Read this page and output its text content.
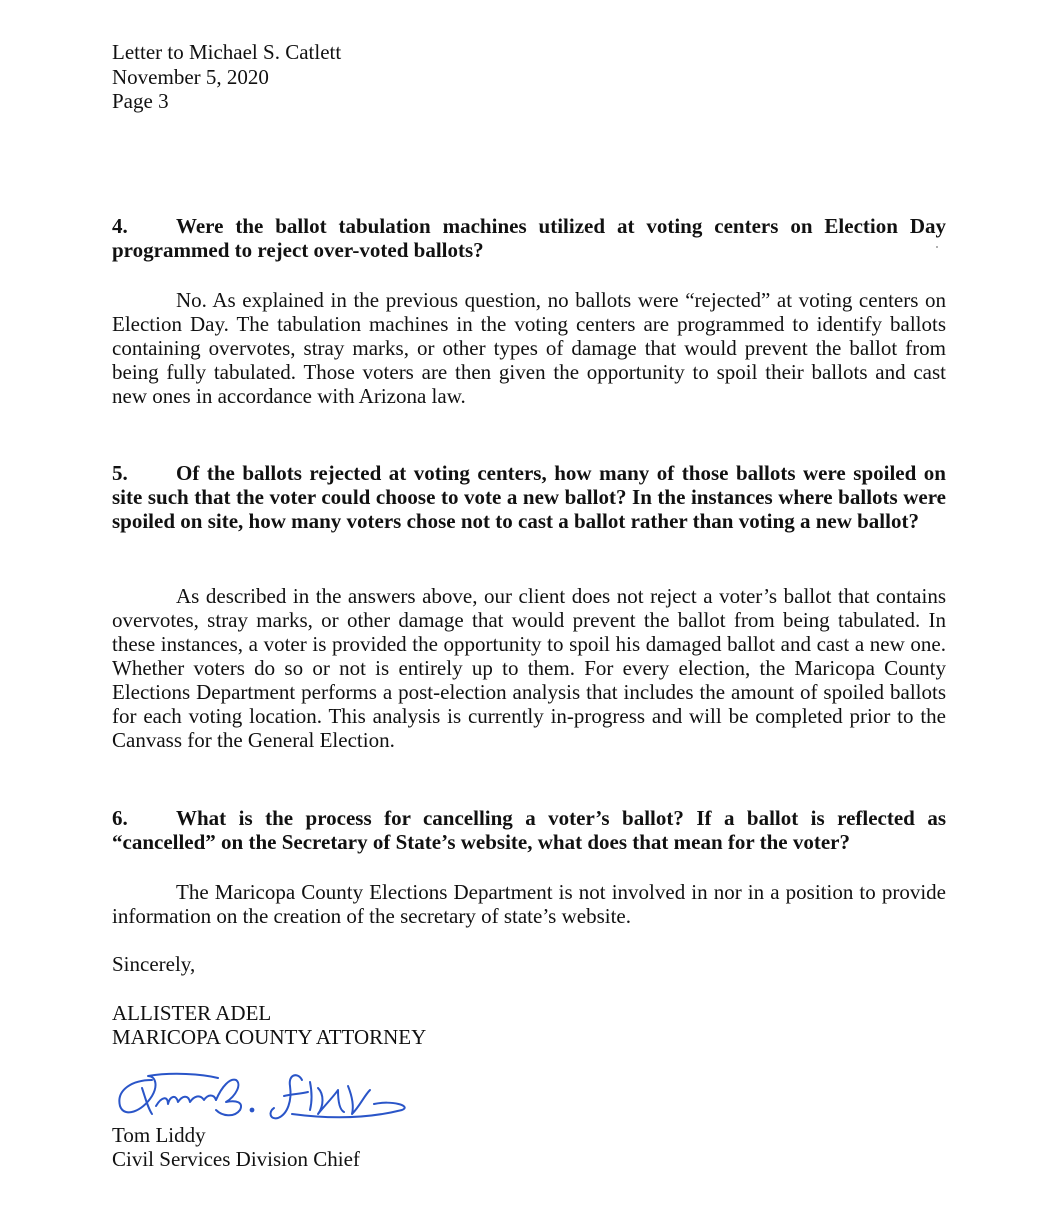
Letter to Michael S. Catlett
November 5, 2020
Page 3
4. Were the ballot tabulation machines utilized at voting centers on Election Day programmed to reject over-voted ballots?
No. As explained in the previous question, no ballots were “rejected” at voting centers on Election Day. The tabulation machines in the voting centers are programmed to identify ballots containing overvotes, stray marks, or other types of damage that would prevent the ballot from being fully tabulated. Those voters are then given the opportunity to spoil their ballots and cast new ones in accordance with Arizona law.
5. Of the ballots rejected at voting centers, how many of those ballots were spoiled on site such that the voter could choose to vote a new ballot? In the instances where ballots were spoiled on site, how many voters chose not to cast a ballot rather than voting a new ballot?
As described in the answers above, our client does not reject a voter’s ballot that contains overvotes, stray marks, or other damage that would prevent the ballot from being tabulated. In these instances, a voter is provided the opportunity to spoil his damaged ballot and cast a new one. Whether voters do so or not is entirely up to them. For every election, the Maricopa County Elections Department performs a post-election analysis that includes the amount of spoiled ballots for each voting location. This analysis is currently in-progress and will be completed prior to the Canvass for the General Election.
6. What is the process for cancelling a voter’s ballot? If a ballot is reflected as “cancelled” on the Secretary of State’s website, what does that mean for the voter?
The Maricopa County Elections Department is not involved in nor in a position to provide information on the creation of the secretary of state’s website.
Sincerely,
ALLISTER ADEL
MARICOPA COUNTY ATTORNEY
Tom Liddy
Civil Services Division Chief
